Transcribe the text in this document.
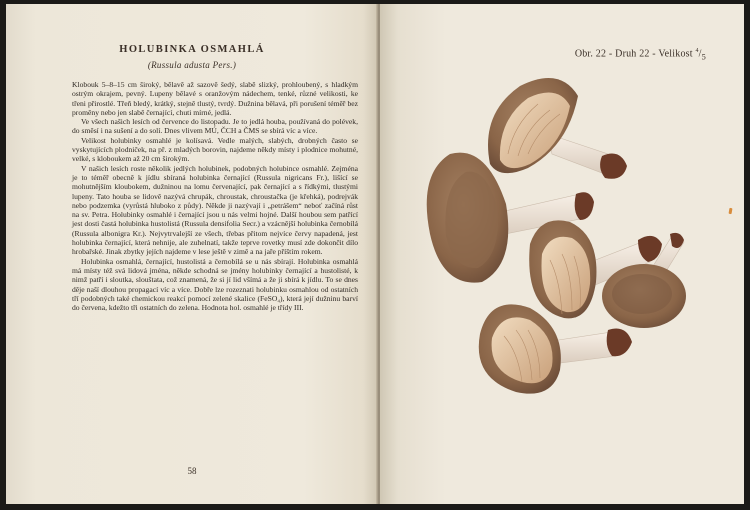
HOLUBINKA OSMAHLÁ
(Russula adusta Pers.)

Klobouk 5–8–15 cm široký, bělavě až sazově šedý, slabě slizký, prohloubený, s hladkým ostrým okrajem, pevný. Lupeny bělavé s oranžovým nádechem, tenké, různé velikosti, ke třeni přirostlé. Třeň bledý, krátký, stejně tlustý, tvrdý. Dužnina bělavá, při porušení téměř bez proměny nebo jen slabě černající, chuti mírné, jedlá.

Ve všech našich lesích od července do listopadu. Je to jedlá houba, používaná do polévek, do směsí i na sušení a do solí. Dnes vlivem MÚ, ČCH a ČMS se sbírá víc a více.

Velikost holubinky osmahlé je kolísavá. Vedle malých, slabých, drobných často se vyskytujících plodniček, na př. z mladých borovin, najdeme někdy místy i plodnice mohutné, velké, s kloboukem až 20 cm širokým.

V našich lesích roste několik jedlých holubinek, podobných holubince osmahlé. Zejména je to téměř obecně k jídlu sbíraná holubinka černající (Russula nigricans Fr.), lišící se mohutnějším kloubokem, dužninou na lomu červenající, pak černající a s řídkými, tlustými lupeny. Tato houba se lidově nazývá chrupák, chroustak, chroustačka (je křehká), podrejvák nebo podzemka (vyrůstá hluboko z půdy). Někde ji nazývají i „petrášem“ neboť začíná růst na sv. Petra. Holubinky osmahlé i černající jsou u nás velmi hojné. Další houbou sem patřící jest dosti častá holubinka hustolistá (Russula densifolia Secr.) a vzácnější holubinka černobílá (Russula albonigra Kr.). Nejvytrvalejší ze všech, třebas přitom nejvíce červy napadená, jest holubinka černající, která nehnije, ale zuhelnatí, takže teprve rovetky musí zde dokončit dílo hrobařské. Jinak zbytky jejích najdeme v lese ještě v zimě a na jaře příštím rokem.

Holubinka osmahlá, černající, hustolistá a černobílá se u nás sbírají. Holubinka osmahlá má místy též svá lidová jména, někde schodná se jmény holubinky černající a hustolisté, k nimž patří i sloutka, slouštata, což znamená, že si jí lid všímá a že ji sbírá k jídlu. To se dnes děje naší dlouhou propagací víc a více. Dobře lze rozeznati holubinku osmahlou od ostatních tří podobných také chemickou reakcí pomocí zelené skalice (FeSO₄), která její dužninu barví do červena, kdežto tři ostatních do zelena. Hodnota hol. osmahlé je třídy III.

58
Obr. 22 - Druh 22 - Velikost $^4/_5$
